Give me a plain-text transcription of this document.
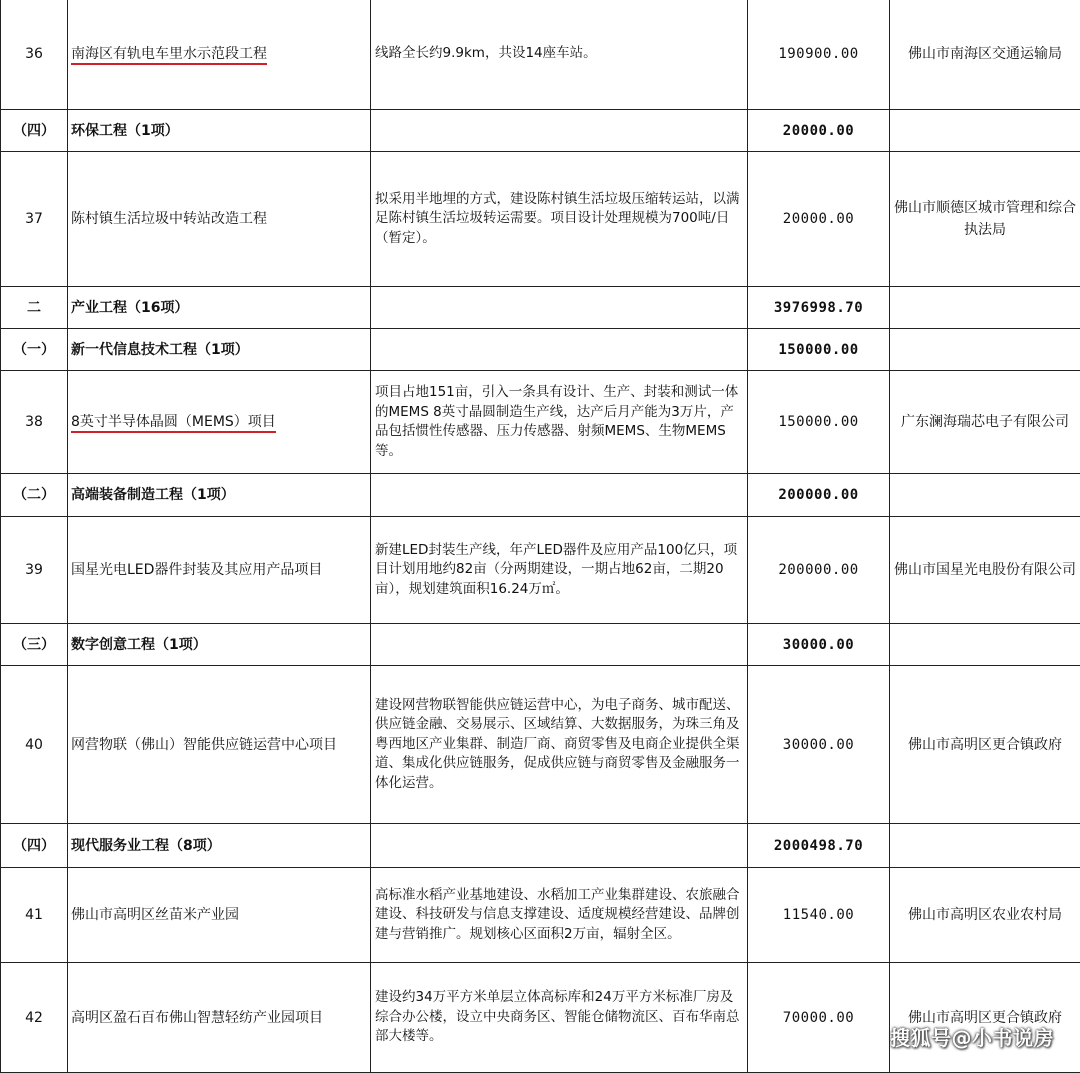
36	南海区有轨电车里水示范段工程	线路全长约9.9km，共设14座车站。	190900.00	佛山市南海区交通运输局
（四）	环保工程（1项）		20000.00	
37	陈村镇生活垃圾中转站改造工程	拟采用半地埋的方式，建设陈村镇生活垃圾压缩转运站，以满足陈村镇生活垃圾转运需要。项目设计处理规模为700吨/日（暂定）。	20000.00	佛山市顺德区城市管理和综合执法局
二	产业工程（16项）		3976998.70	
（一）	新一代信息技术工程（1项）		150000.00	
38	8英寸半导体晶圆（MEMS）项目	项目占地151亩，引入一条具有设计、生产、封装和测试一体的MEMS 8英寸晶圆制造生产线，达产后月产能为3万片，产品包括惯性传感器、压力传感器、射频MEMS、生物MEMS等。	150000.00	广东澜海瑞芯电子有限公司
（二）	高端装备制造工程（1项）		200000.00	
39	国星光电LED器件封装及其应用产品项目	新建LED封装生产线，年产LED器件及应用产品100亿只，项目计划用地约82亩（分两期建设，一期占地62亩，二期20亩），规划建筑面积16.24万㎡。	200000.00	佛山市国星光电股份有限公司
（三）	数字创意工程（1项）		30000.00	
40	网营物联（佛山）智能供应链运营中心项目	建设网营物联智能供应链运营中心，为电子商务、城市配送、供应链金融、交易展示、区域结算、大数据服务，为珠三角及粤西地区产业集群、制造厂商、商贸零售及电商企业提供全渠道、集成化供应链服务，促成供应链与商贸零售及金融服务一体化运营。	30000.00	佛山市高明区更合镇政府
（四）	现代服务业工程（8项）		2000498.70	
41	佛山市高明区丝苗米产业园	高标准水稻产业基地建设、水稻加工产业集群建设、农旅融合建设、科技研发与信息支撑建设、适度规模经营建设、品牌创建与营销推广。规划核心区面积2万亩，辐射全区。	11540.00	佛山市高明区农业农村局
42	高明区盈石百布佛山智慧轻纺产业园项目	建设约34万平方米单层立体高标库和24万平方米标准厂房及综合办公楼，设立中央商务区、智能仓储物流区、百布华南总部大楼等。	70000.00	佛山市高明区更合镇政府
搜狐号@小书说房
